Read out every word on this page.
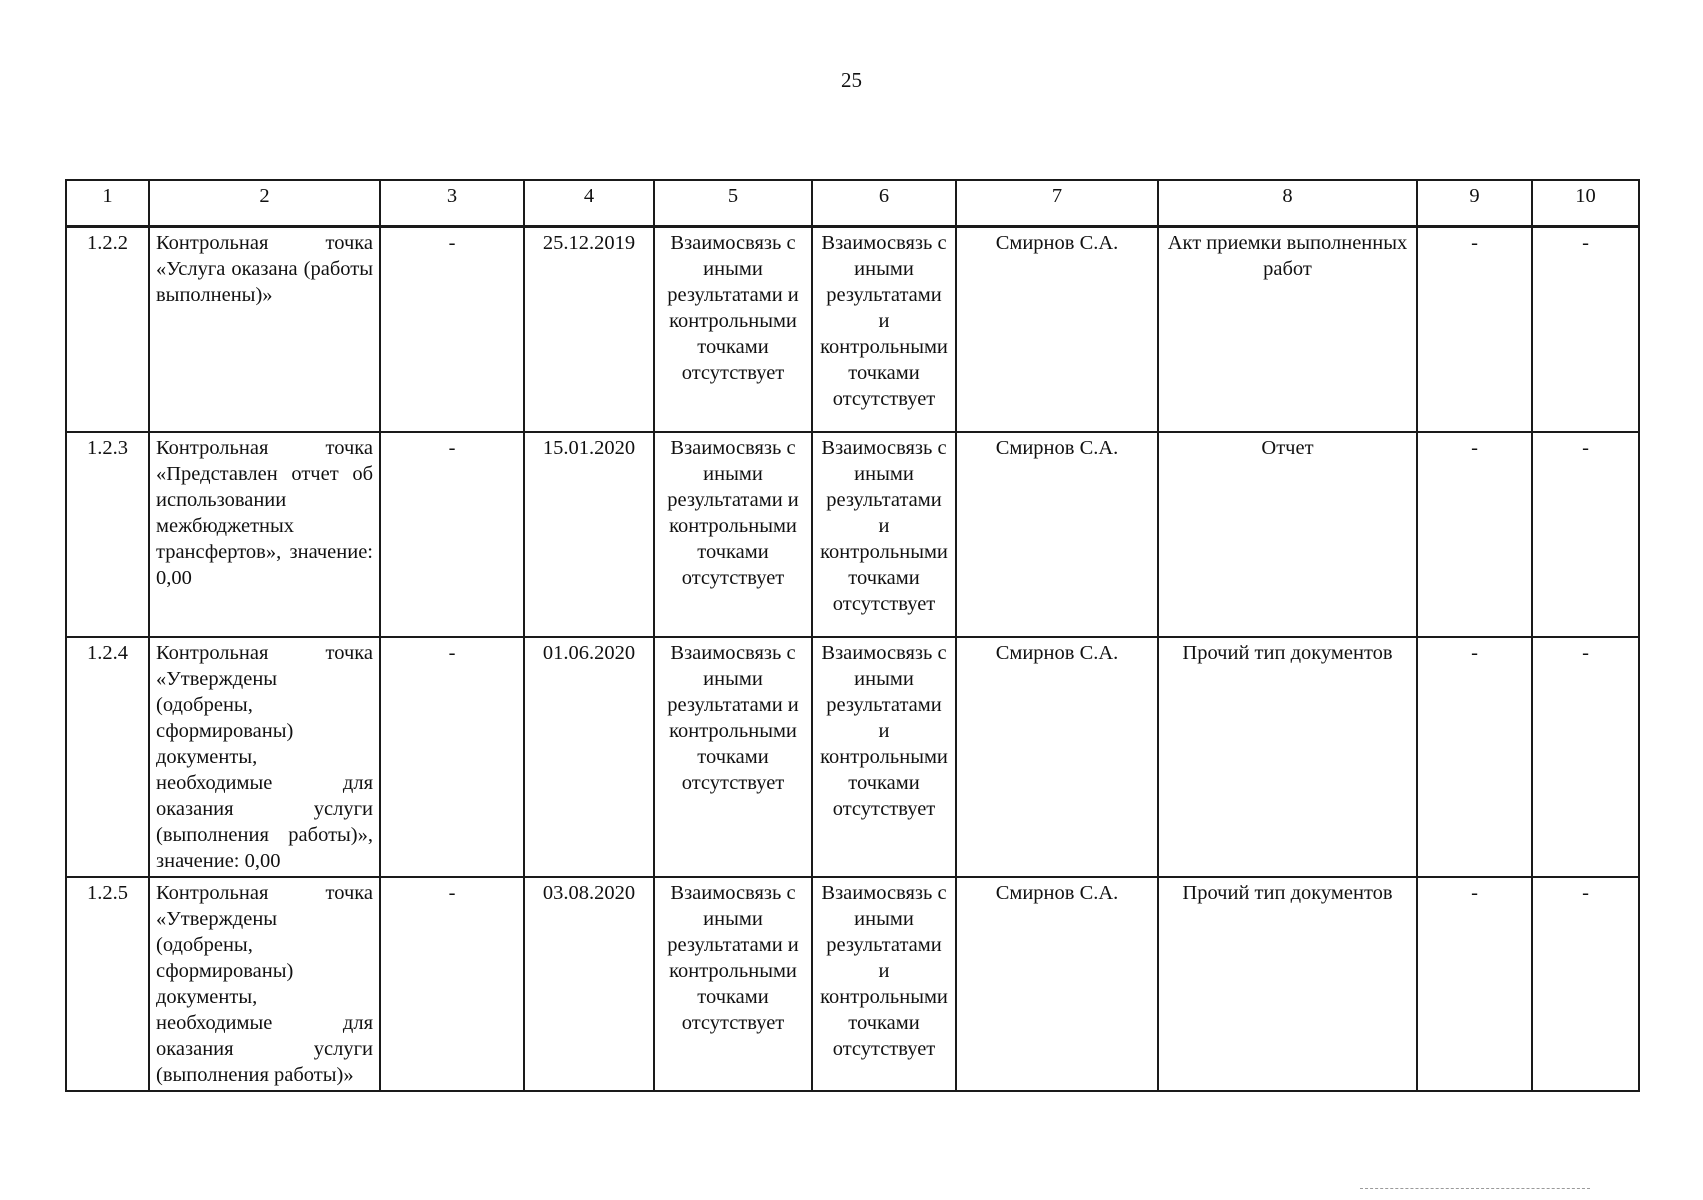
25
1	2	3	4	5	6	7	8	9	10
1.2.2	Контрольная точка «Услуга оказана (работы выполнены)»	-	25.12.2019	Взаимосвязь с иными результатами и контрольными точками отсутствует	Взаимосвязь с иными результатами и контрольными точками отсутствует	Смирнов С.А.	Акт приемки выполненных работ	-	-
1.2.3	Контрольная точка «Представлен отчет об использовании межбюджетных трансфертов», значение: 0,00	-	15.01.2020	Взаимосвязь с иными результатами и контрольными точками отсутствует	Взаимосвязь с иными результатами и контрольными точками отсутствует	Смирнов С.А.	Отчет	-	-
1.2.4	Контрольная точка «Утверждены (одобрены, сформированы) документы, необходимые для оказания услуги (выполнения работы)», значение: 0,00	-	01.06.2020	Взаимосвязь с иными результатами и контрольными точками отсутствует	Взаимосвязь с иными результатами и контрольными точками отсутствует	Смирнов С.А.	Прочий тип документов	-	-
1.2.5	Контрольная точка «Утверждены (одобрены, сформированы) документы, необходимые для оказания услуги (выполнения работы)»	-	03.08.2020	Взаимосвязь с иными результатами и контрольными точками отсутствует	Взаимосвязь с иными результатами и контрольными точками отсутствует	Смирнов С.А.	Прочий тип документов	-	-
